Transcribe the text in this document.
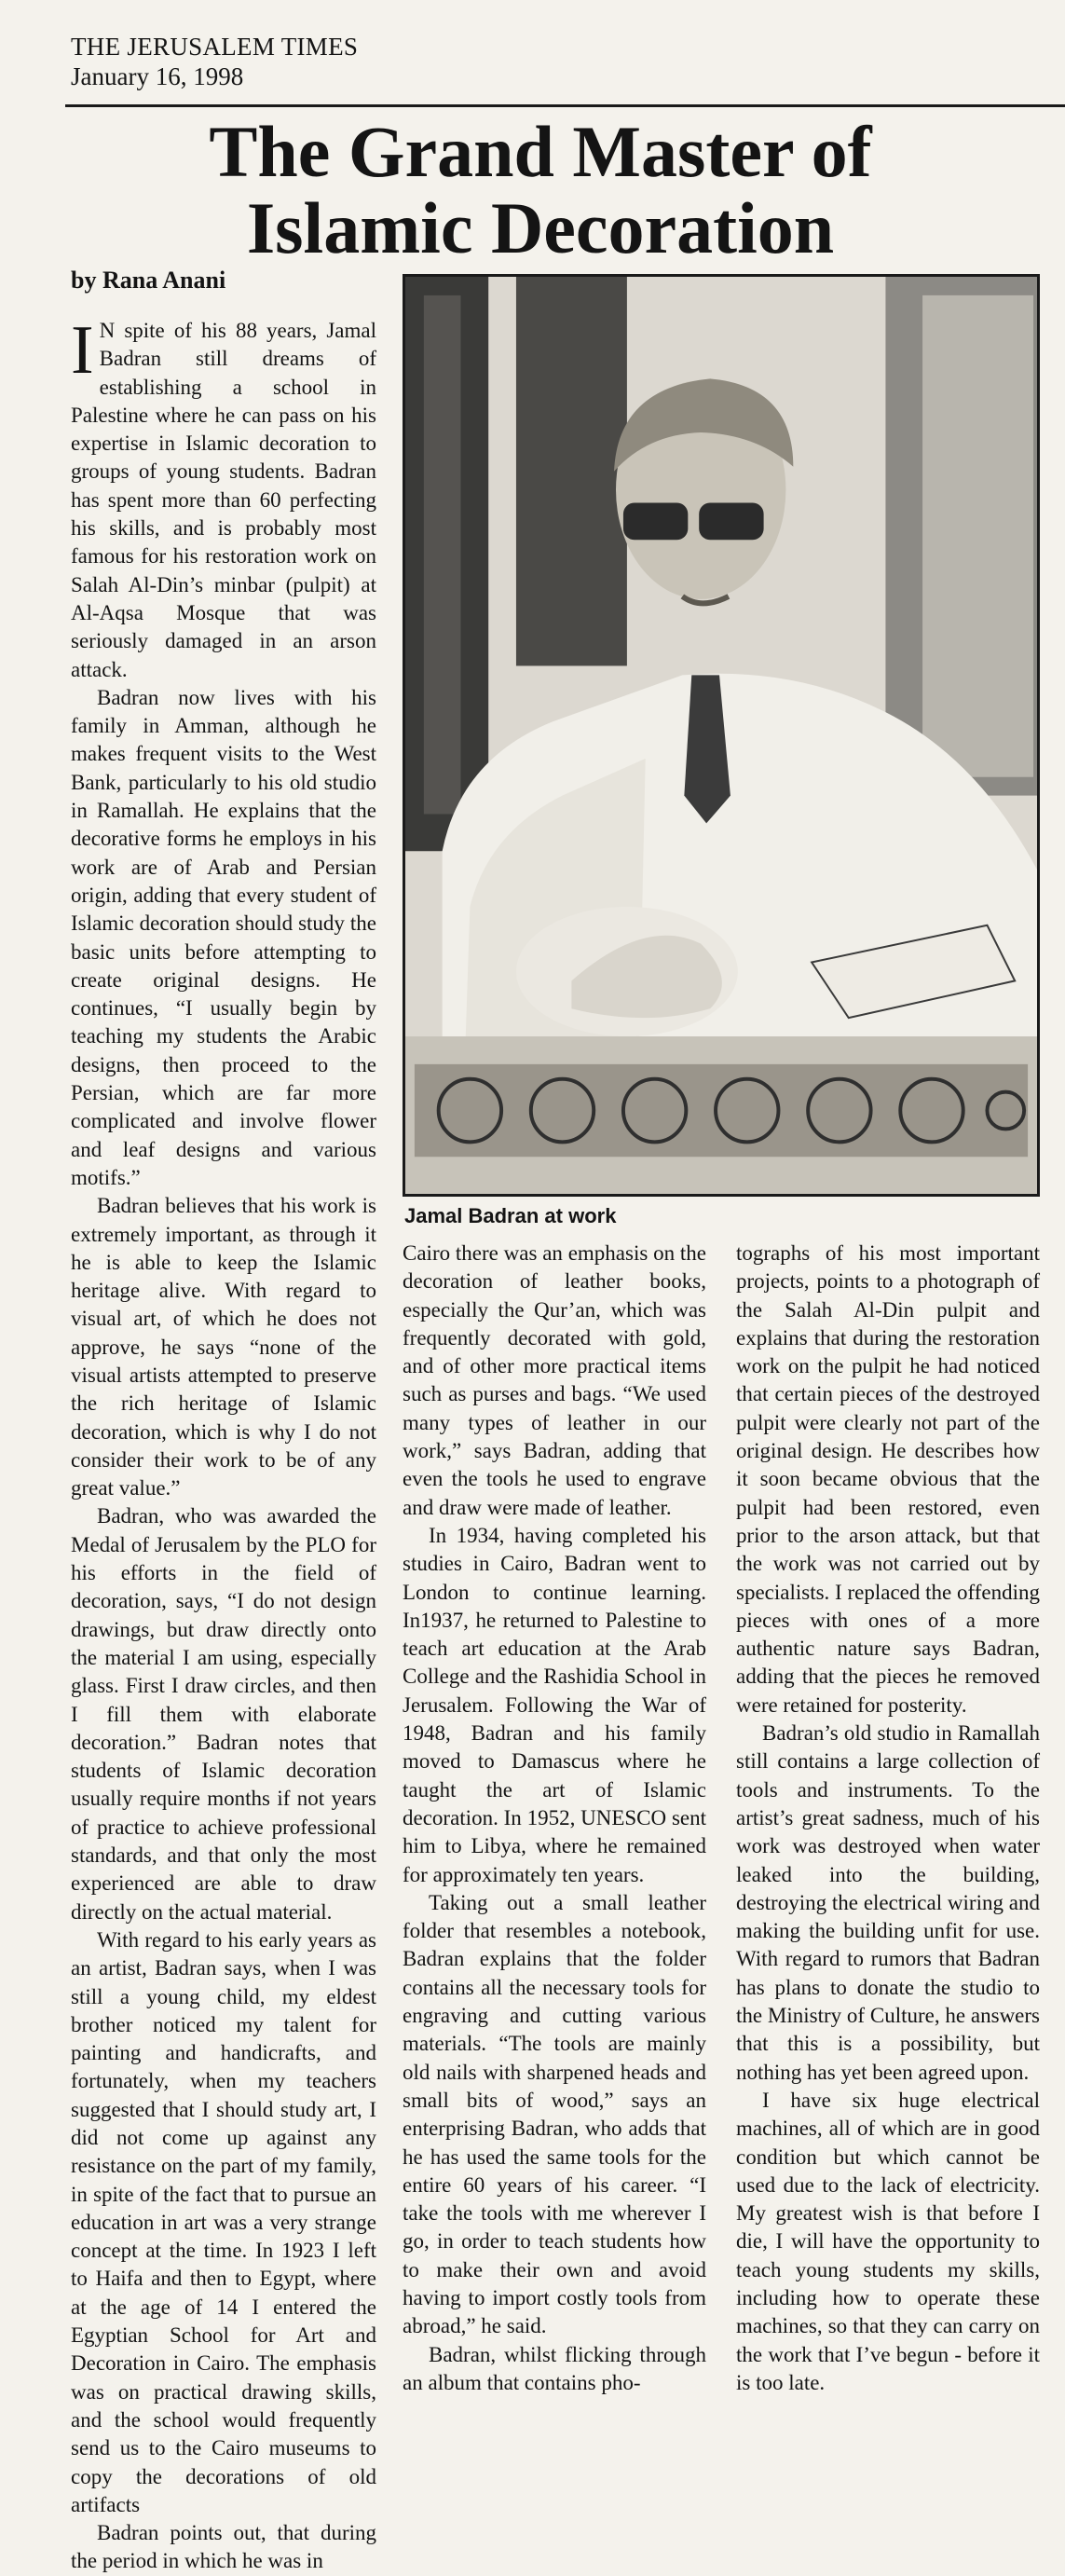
THE JERUSALEM TIMES
January 16, 1998
The Grand Master of
Islamic Decoration
by Rana Anani
Jamal Badran at work

I N spite of his 88 years, Jamal Badran still dreams of establishing a school in Palestine where he can pass on his expertise in Islamic decoration to groups of young students. Badran has spent more than 60 perfecting his skills, and is probably most famous for his restoration work on Salah Al-Din’s minbar (pulpit) at Al-Aqsa Mosque that was seriously damaged in an arson attack.

Badran now lives with his family in Amman, although he makes frequent visits to the West Bank, particularly to his old studio in Ramallah. He explains that the decorative forms he employs in his work are of Arab and Persian origin, adding that every student of Islamic decoration should study the basic units before attempting to create original designs. He continues, “I usually begin by teaching my students the Arabic designs, then proceed to the Persian, which are far more complicated and involve flower and leaf designs and various motifs.”

Badran believes that his work is extremely important, as through it he is able to keep the Islamic heritage alive. With regard to visual art, of which he does not approve, he says “none of the visual artists attempted to preserve the rich heritage of Islamic decoration, which is why I do not consider their work to be of any great value.”

Badran, who was awarded the Medal of Jerusalem by the PLO for his efforts in the field of decoration, says, “I do not design drawings, but draw directly onto the material I am using, especially glass. First I draw circles, and then I fill them with elaborate decoration.” Badran notes that students of Islamic decoration usually require months if not years of practice to achieve professional standards, and that only the most experienced are able to draw directly on the actual material.

With regard to his early years as an artist, Badran says, when I was still a young child, my eldest brother noticed my talent for painting and handicrafts, and fortunately, when my teachers suggested that I should study art, I did not come up against any resistance on the part of my family, in spite of the fact that to pursue an education in art was a very strange concept at the time. In 1923 I left to Haifa and then to Egypt, where at the age of 14 I entered the Egyptian School for Art and Decoration in Cairo. The emphasis was on practical drawing skills, and the school would frequently send us to the Cairo museums to copy the decorations of old artifacts

Badran points out, that during the period in which he was in

Cairo there was an emphasis on the decoration of leather books, especially the Qur’an, which was frequently decorated with gold, and of other more practical items such as purses and bags. “We used many types of leather in our work,” says Badran, adding that even the tools he used to engrave and draw were made of leather.

In 1934, having completed his studies in Cairo, Badran went to London to continue learning. In1937, he returned to Palestine to teach art education at the Arab College and the Rashidia School in Jerusalem. Following the War of 1948, Badran and his family moved to Damascus where he taught the art of Islamic decoration. In 1952, UNESCO sent him to Libya, where he remained for approximately ten years.

Taking out a small leather folder that resembles a notebook, Badran explains that the folder contains all the necessary tools for engraving and cutting various materials. “The tools are mainly old nails with sharpened heads and small bits of wood,” says an enterprising Badran, who adds that he has used the same tools for the entire 60 years of his career. “I take the tools with me wherever I go, in order to teach students how to make their own and avoid having to import costly tools from abroad,” he said.

Badran, whilst flicking through an album that contains pho-

tographs of his most important projects, points to a photograph of the Salah Al-Din pulpit and explains that during the restoration work on the pulpit he had noticed that certain pieces of the destroyed pulpit were clearly not part of the original design. He describes how it soon became obvious that the pulpit had been restored, even prior to the arson attack, but that the work was not carried out by specialists. I replaced the offending pieces with ones of a more authentic nature says Badran, adding that the pieces he removed were retained for posterity.

Badran’s old studio in Ramallah still contains a large collection of tools and instruments. To the artist’s great sadness, much of his work was destroyed when water leaked into the building, destroying the electrical wiring and making the building unfit for use. With regard to rumors that Badran has plans to donate the studio to the Ministry of Culture, he answers that this is a possibility, but nothing has yet been agreed upon.

I have six huge electrical machines, all of which are in good condition but which cannot be used due to the lack of electricity. My greatest wish is that before I die, I will have the opportunity to teach young students my skills, including how to operate these machines, so that they can carry on the work that I’ve begun - before it is too late.
